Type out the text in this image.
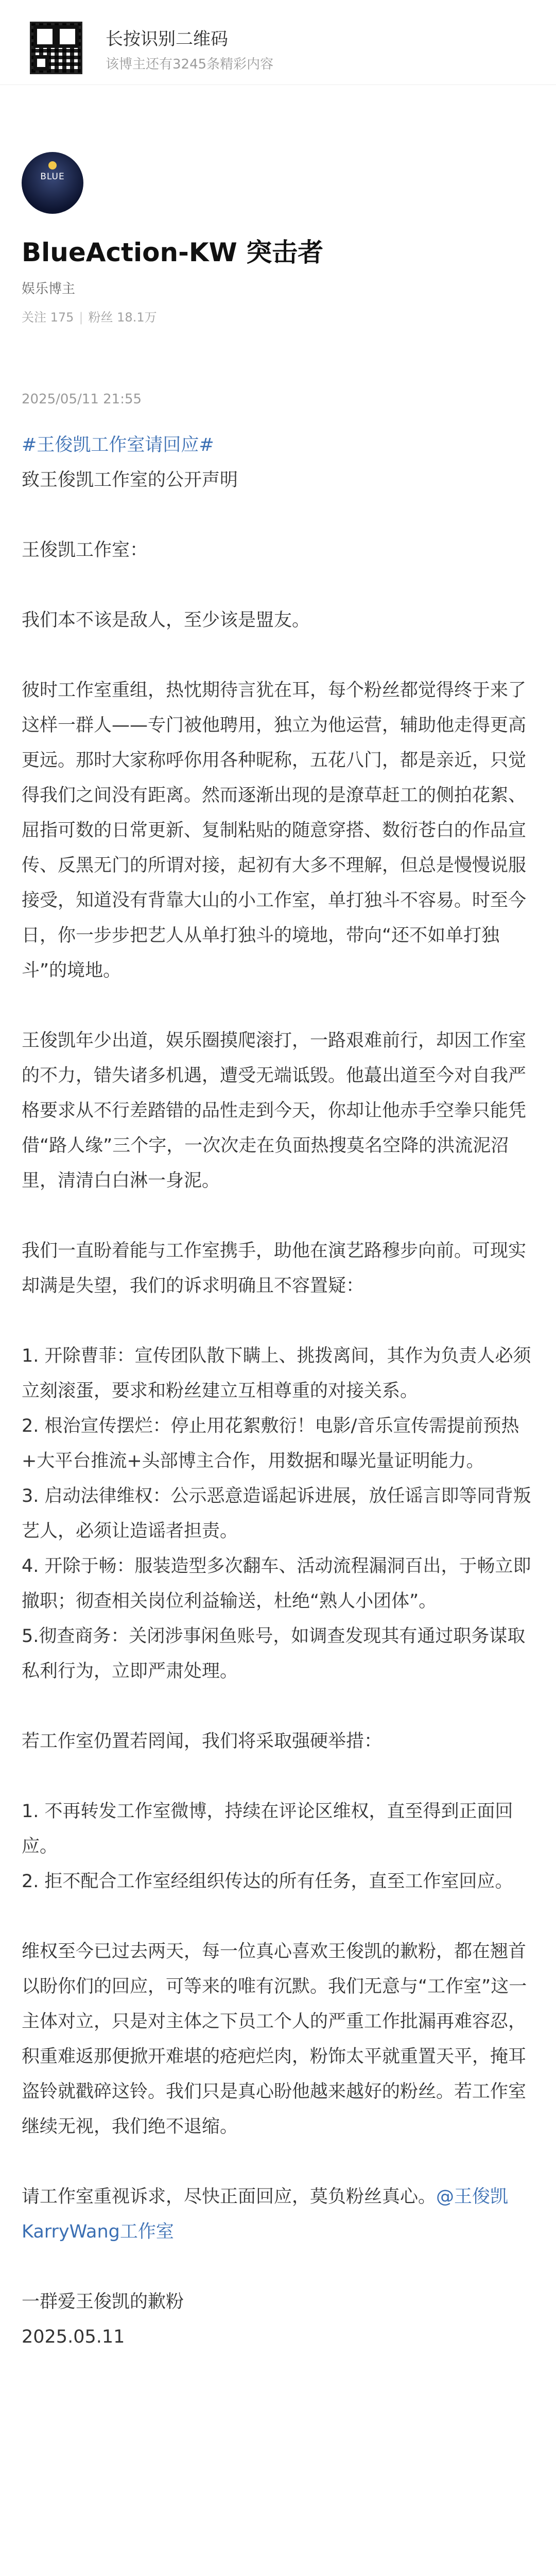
长按识别二维码
该博主还有3245条精彩内容
BLUE
BlueAction-KW 突击者
娱乐博主
关注 175 | 粉丝 18.1万
2025/05/11 21:55

#王俊凯工作室请回应#

致王俊凯工作室的公开声明

王俊凯工作室：

我们本不该是敌人，至少该是盟友。

彼时工作室重组，热忱期待言犹在耳，每个粉丝都觉得终于来了这样一群人——专门被他聘用，独立为他运营，辅助他走得更高更远。那时大家称呼你用各种昵称，五花八门，都是亲近，只觉得我们之间没有距离。然而逐渐出现的是潦草赶工的侧拍花絮、屈指可数的日常更新、复制粘贴的随意穿搭、数衍苍白的作品宣传、反黑无门的所谓对接，起初有大多不理解，但总是慢慢说服接受，知道没有背靠大山的小工作室，单打独斗不容易。时至今日，你一步步把艺人从单打独斗的境地，带向“还不如单打独斗”的境地。

王俊凯年少出道，娱乐圈摸爬滚打，一路艰难前行，却因工作室的不力，错失诸多机遇，遭受无端诋毁。他蕞出道至今对自我严格要求从不行差踏错的品性走到今天，你却让他赤手空拳只能凭借“路人缘”三个字，一次次走在负面热搜莫名空降的洪流泥沼里，清清白白淋一身泥。

我们一直盼着能与工作室携手，助他在演艺路穆步向前。可现实却满是失望，我们的诉求明确且不容置疑：

1. 开除曹菲：宣传团队散下瞒上、挑拨离间，其作为负责人必须立刻滚蛋，要求和粉丝建立互相尊重的对接关系。

2. 根治宣传摆烂：停止用花絮敷衍！电影/音乐宣传需提前预热+大平台推流+头部博主合作，用数据和曝光量证明能力。

3. 启动法律维权：公示恶意造谣起诉进展，放任谣言即等同背叛艺人，必须让造谣者担责。

4. 开除于畅：服装造型多次翻车、活动流程漏洞百出，于畅立即撤职；彻查相关岗位利益输送，杜绝“熟人小团体”。

5.彻查商务：关闭涉事闲鱼账号，如调查发现其有通过职务谋取私利行为，立即严肃处理。

若工作室仍置若罔闻，我们将采取强硬举措：

1. 不再转发工作室微博，持续在评论区维权，直至得到正面回应。

2. 拒不配合工作室经组织传达的所有任务，直至工作室回应。

维权至今已过去两天，每一位真心喜欢王俊凯的歉粉，都在翘首以盼你们的回应，可等来的唯有沉默。我们无意与“工作室”这一主体对立，只是对主体之下员工个人的严重工作批漏再难容忍，积重难返那便掀开难堪的疮疤烂肉，粉饰太平就重置天平，掩耳盗铃就戳碎这铃。我们只是真心盼他越来越好的粉丝。若工作室继续无视，我们绝不退缩。

请工作室重视诉求，尽快正面回应，莫负粉丝真心。@王俊凯KarryWang工作室

一群爱王俊凯的歉粉

2025.05.11
